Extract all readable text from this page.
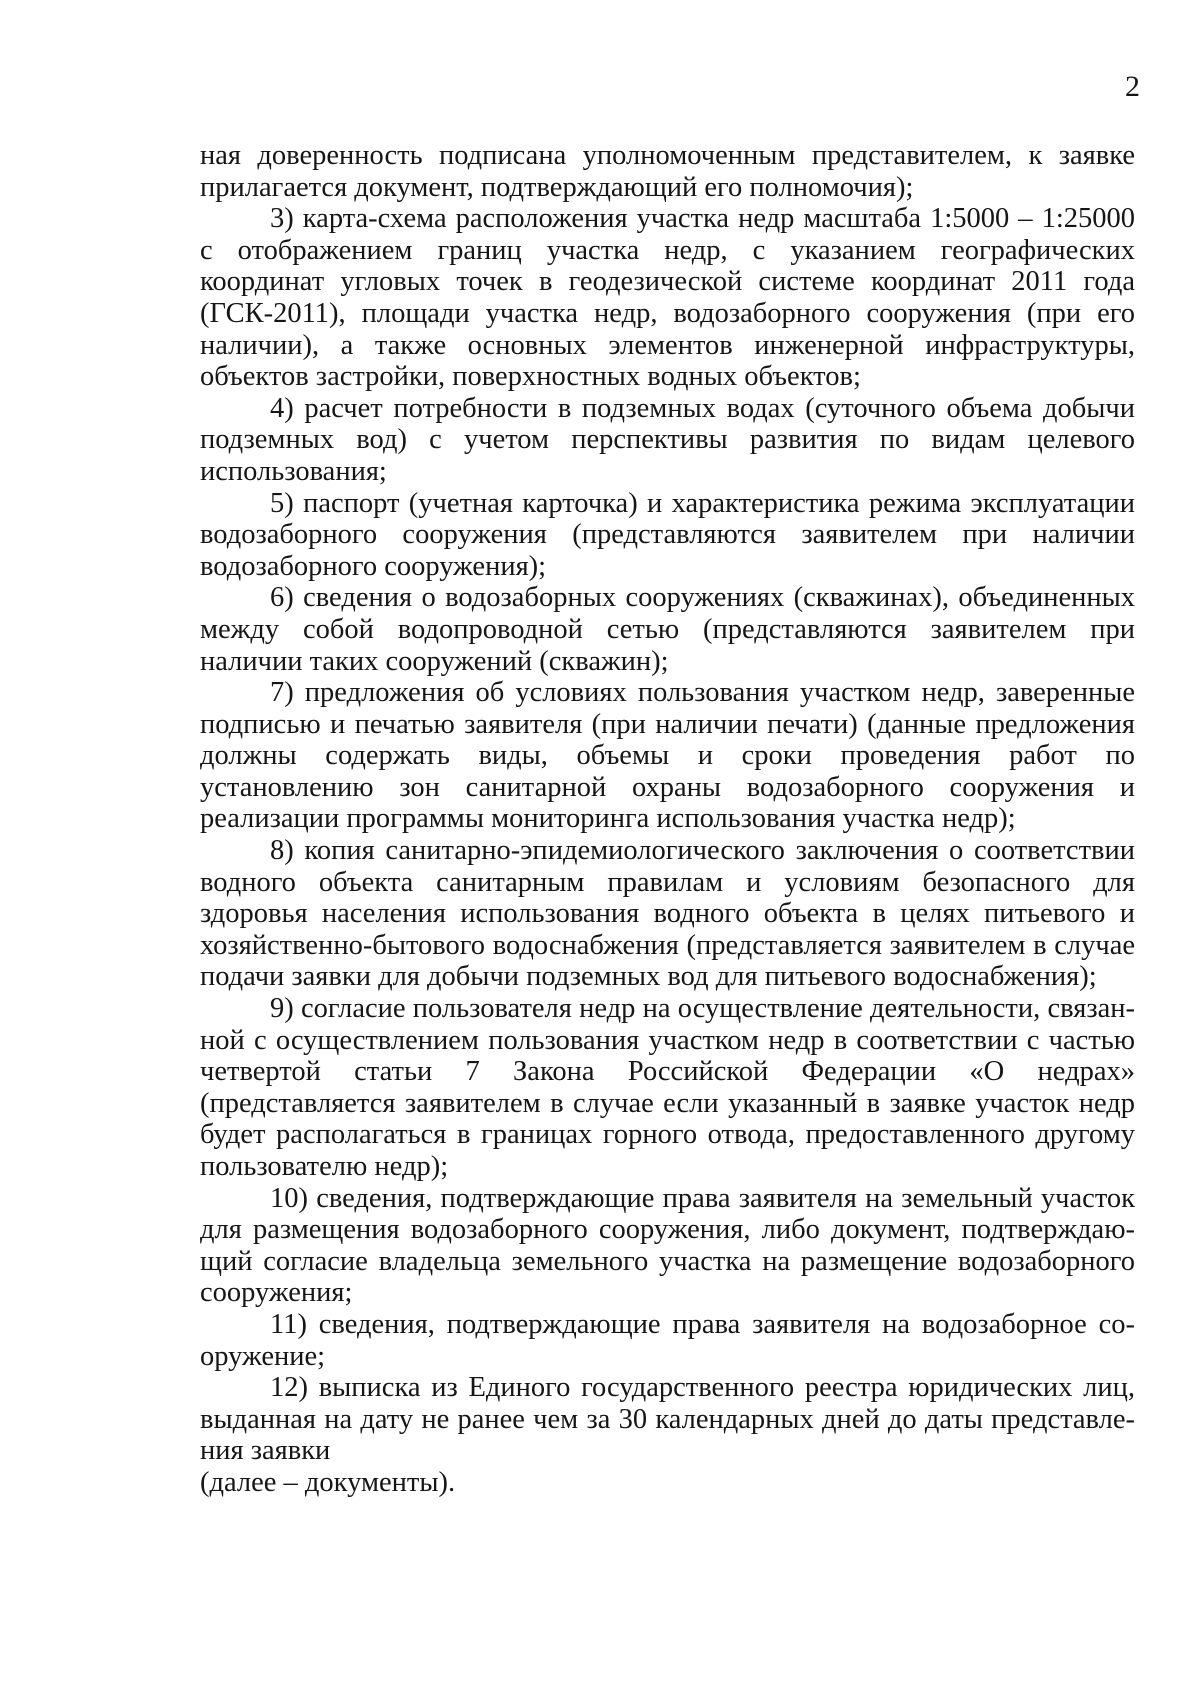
2

ная доверенность подписана уполномоченным представителем, к заявке прилагается документ, подтверждающий его полномочия);

3) карта-схема расположения участка недр масштаба 1:5000 – 1:25000 с отображением границ участка недр, с указанием географических координат угловых точек в геодезической системе координат 2011 года (ГСК-2011), площади участка недр, водозаборного сооружения (при его наличии), а также основных элементов инженерной инфраструктуры, объектов застройки, поверхностных водных объектов;

4) расчет потребности в подземных водах (суточного объема добычи подземных вод) с учетом перспективы развития по видам целевого использования;

5) паспорт (учетная карточка) и характеристика режима эксплуатации водозаборного сооружения (представляются заявителем при наличии водозаборного сооружения);

6) сведения о водозаборных сооружениях (скважинах), объединенных между собой водопроводной сетью (представляются заявителем при наличии таких сооружений (скважин);

7) предложения об условиях пользования участком недр, заверенные подписью и печатью заявителя (при наличии печати) (данные предложения должны содержать виды, объемы и сроки проведения работ по установлению зон санитарной охраны водозаборного сооружения и реализации программы мониторинга использования участка недр);

8) копия санитарно-эпидемиологического заключения о соответствии водного объекта санитарным правилам и условиям безопасного для здоровья населения использования водного объекта в целях питьевого и хозяйственно-бытового водоснабжения (представляется заявителем в случае подачи заявки для добычи подземных вод для питьевого водоснабжения);

9) согласие пользователя недр на осуществление деятельности, связанной с осуществлением пользования участком недр в соответствии с частью четвертой статьи 7 Закона Российской Федерации «О недрах» (представляется заявителем в случае если указанный в заявке участок недр будет располагаться в границах горного отвода, предоставленного другому пользователю недр);

10) сведения, подтверждающие права заявителя на земельный участок для размещения водозаборного сооружения, либо документ, подтверждающий согласие владельца земельного участка на размещение водозаборного сооружения;

11) сведения, подтверждающие права заявителя на водозаборное сооружение;

12) выписка из Единого государственного реестра юридических лиц, выданная на дату не ранее чем за 30 календарных дней до даты представления заявки

(далее – документы).
